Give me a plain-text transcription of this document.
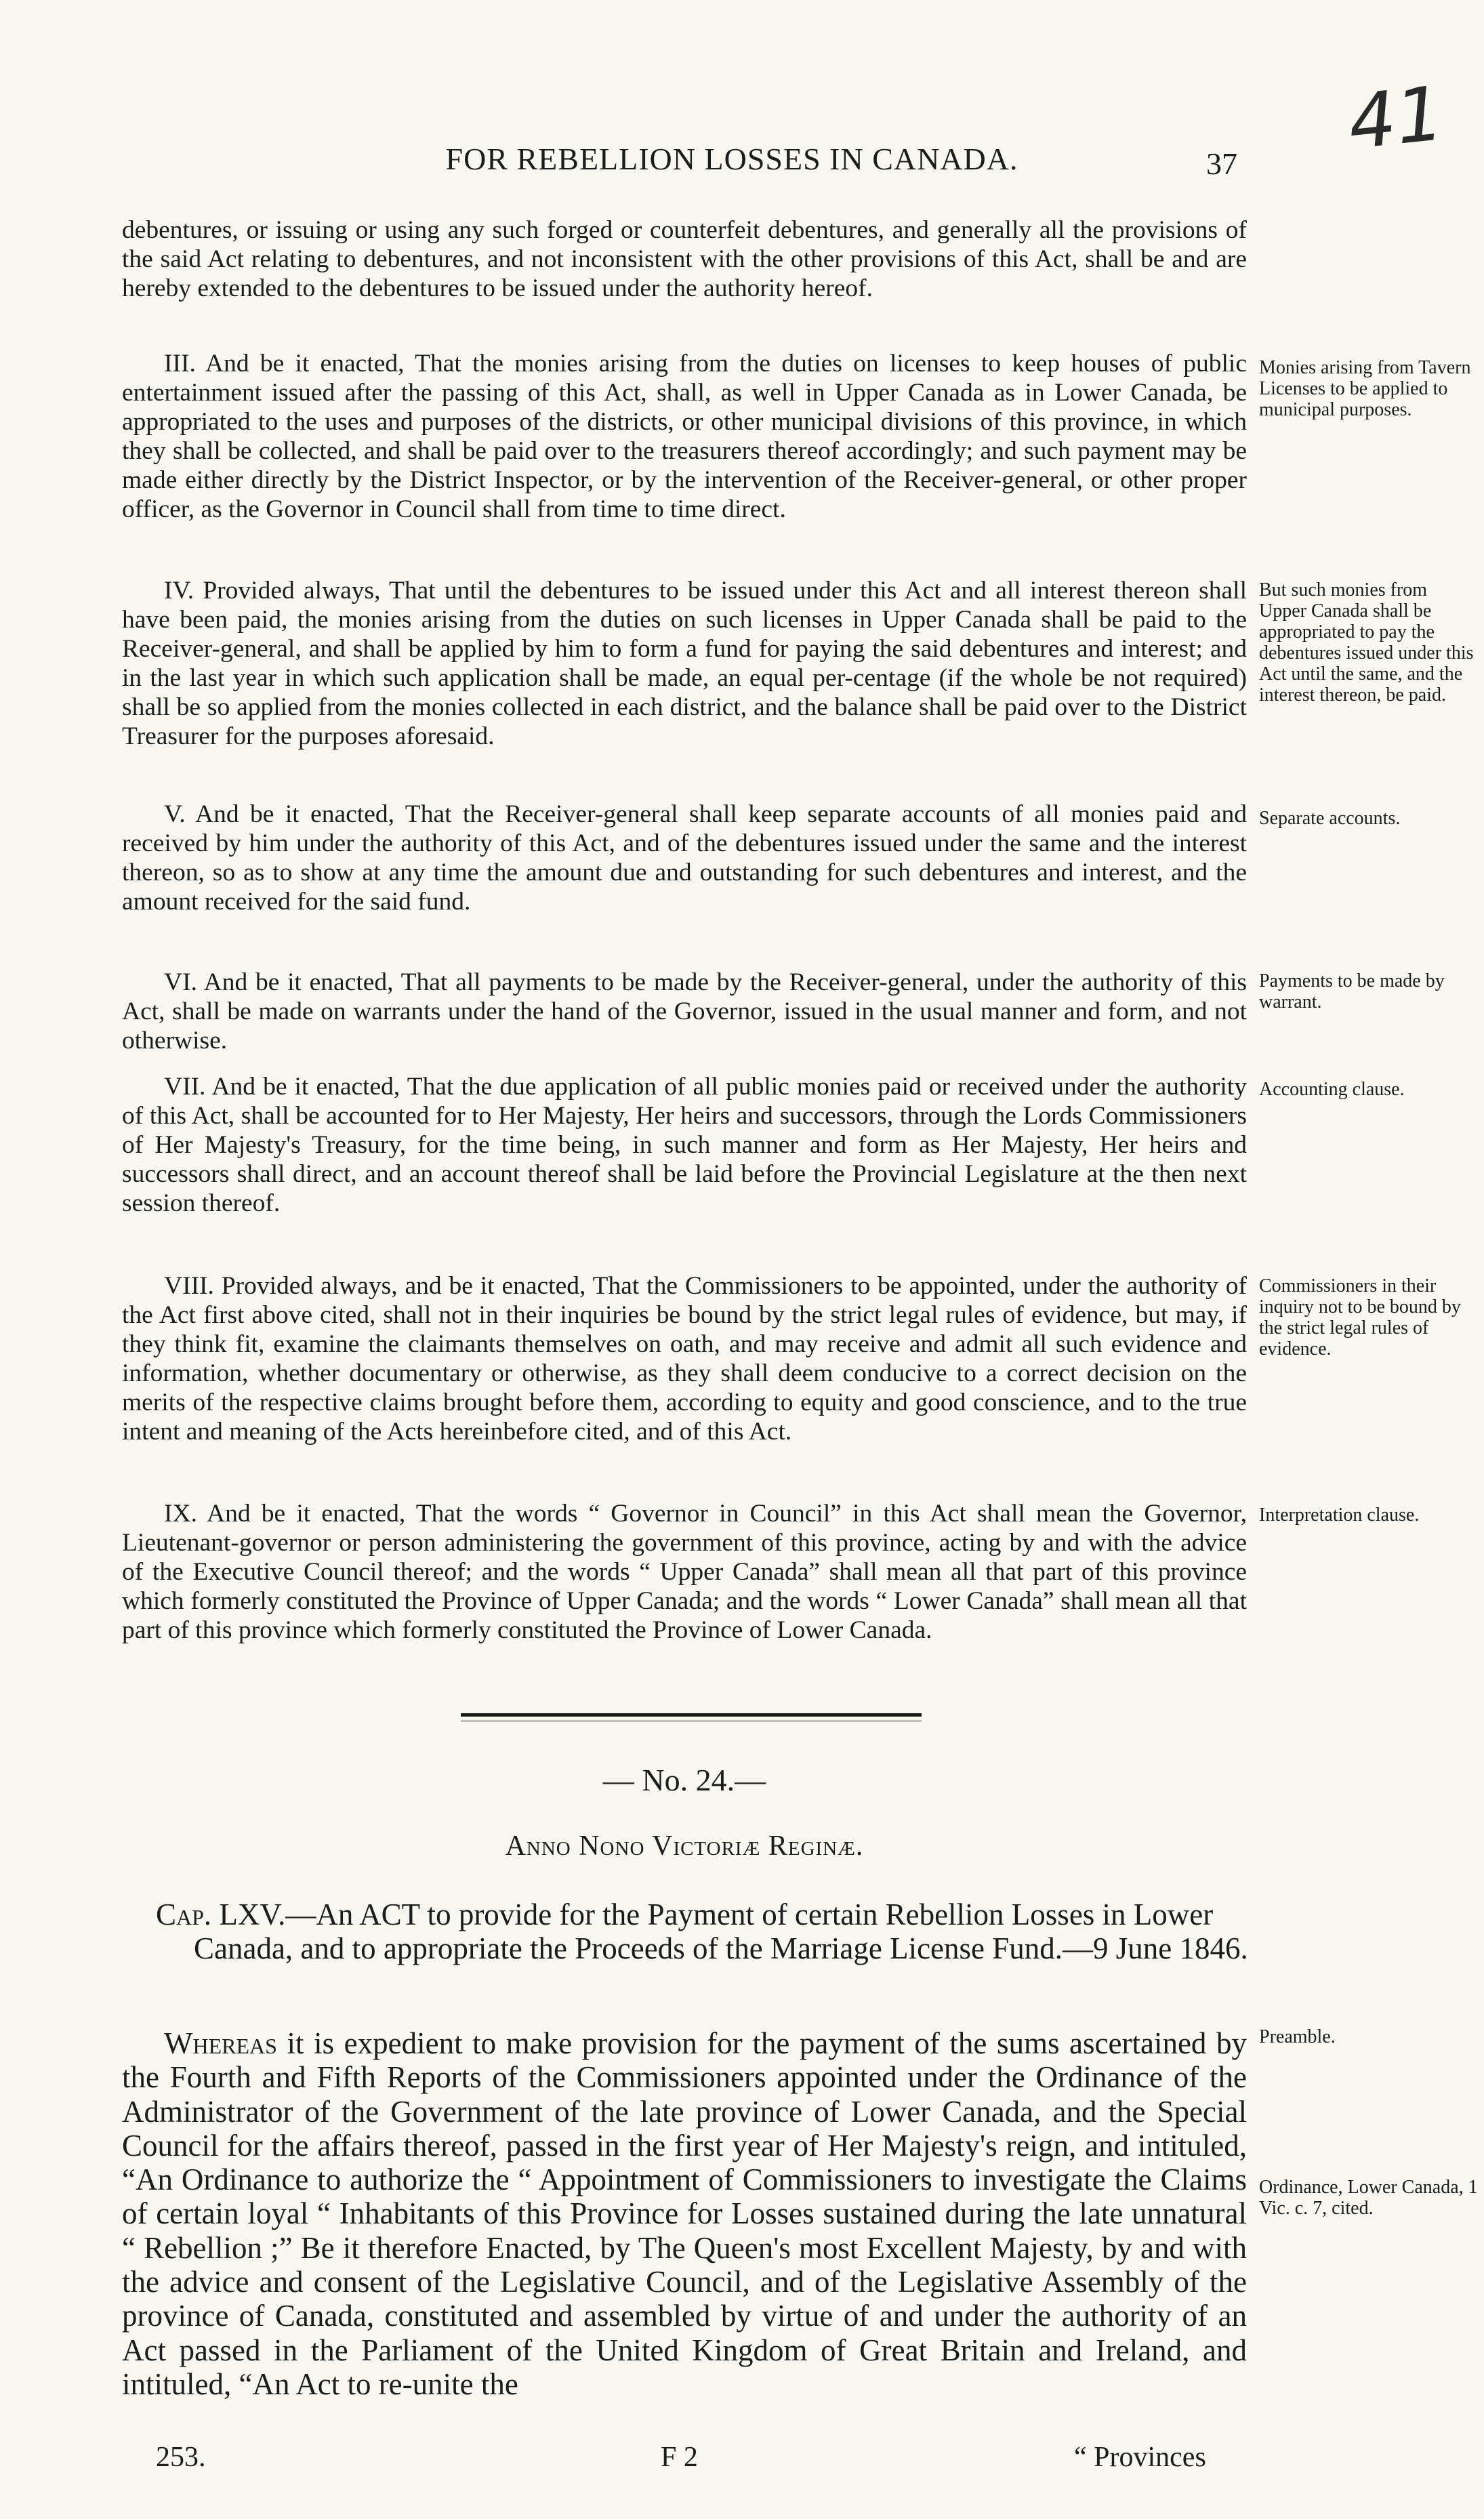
41
FOR REBELLION LOSSES IN CANADA.	37

debentures, or issuing or using any such forged or counterfeit debentures, and generally all the provisions of the said Act relating to debentures, and not inconsistent with the other provisions of this Act, shall be and are hereby extended to the debentures to be issued under the authority hereof.

III. And be it enacted, That the monies arising from the duties on licenses to keep houses of public entertainment issued after the passing of this Act, shall, as well in Upper Canada as in Lower Canada, be appropriated to the uses and purposes of the districts, or other municipal divisions of this province, in which they shall be collected, and shall be paid over to the treasurers thereof accordingly; and such payment may be made either directly by the District Inspector, or by the intervention of the Receiver-general, or other proper officer, as the Governor in Council shall from time to time direct.

IV. Provided always, That until the debentures to be issued under this Act and all interest thereon shall have been paid, the monies arising from the duties on such licenses in Upper Canada shall be paid to the Receiver-general, and shall be applied by him to form a fund for paying the said debentures and interest; and in the last year in which such application shall be made, an equal per-centage (if the whole be not required) shall be so applied from the monies collected in each district, and the balance shall be paid over to the District Treasurer for the purposes aforesaid.

V. And be it enacted, That the Receiver-general shall keep separate accounts of all monies paid and received by him under the authority of this Act, and of the debentures issued under the same and the interest thereon, so as to show at any time the amount due and outstanding for such debentures and interest, and the amount received for the said fund.

VI. And be it enacted, That all payments to be made by the Receiver-general, under the authority of this Act, shall be made on warrants under the hand of the Governor, issued in the usual manner and form, and not otherwise.

VII. And be it enacted, That the due application of all public monies paid or received under the authority of this Act, shall be accounted for to Her Majesty, Her heirs and successors, through the Lords Commissioners of Her Majesty's Treasury, for the time being, in such manner and form as Her Majesty, Her heirs and successors shall direct, and an account thereof shall be laid before the Provincial Legislature at the then next session thereof.

VIII. Provided always, and be it enacted, That the Commissioners to be appointed, under the authority of the Act first above cited, shall not in their inquiries be bound by the strict legal rules of evidence, but may, if they think fit, examine the claimants themselves on oath, and may receive and admit all such evidence and information, whether documentary or otherwise, as they shall deem conducive to a correct decision on the merits of the respective claims brought before them, according to equity and good conscience, and to the true intent and meaning of the Acts hereinbefore cited, and of this Act.

IX. And be it enacted, That the words “ Governor in Council” in this Act shall mean the Governor, Lieutenant-governor or person administering the government of this province, acting by and with the advice of the Executive Council thereof; and the words “ Upper Canada” shall mean all that part of this province which formerly constituted the Province of Upper Canada; and the words “ Lower Canada” shall mean all that part of this province which formerly constituted the Province of Lower Canada.

Monies arising from Tavern Licenses to be applied to municipal purposes.
But such monies from Upper Canada shall be appropriated to pay the debentures issued under this Act until the same, and the interest thereon, be paid.
Separate accounts.
Payments to be made by warrant.
Accounting clause.
Commissioners in their inquiry not to be bound by the strict legal rules of evidence.
Interpretation clause.
Preamble.
Ordinance, Lower Canada, 1 Vic. c. 7, cited.
— No. 24.—
Anno Nono Victoriæ Reginæ.
Cap. LXV.—An ACT to provide for the Payment of certain Rebellion Losses in Lower Canada, and to appropriate the Proceeds of the Marriage License Fund.—9 June 1846.

Whereas it is expedient to make provision for the payment of the sums ascertained by the Fourth and Fifth Reports of the Commissioners appointed under the Ordinance of the Administrator of the Government of the late province of Lower Canada, and the Special Council for the affairs thereof, passed in the first year of Her Majesty's reign, and intituled, “An Ordinance to authorize the “ Appointment of Commissioners to investigate the Claims of certain loyal “ Inhabitants of this Province for Losses sustained during the late unnatural “ Rebellion ;” Be it therefore Enacted, by The Queen's most Excellent Majesty, by and with the advice and consent of the Legislative Council, and of the Legislative Assembly of the province of Canada, constituted and assembled by virtue of and under the authority of an Act passed in the Parliament of the United Kingdom of Great Britain and Ireland, and intituled, “An Act to re-unite the

253.	F 2	“ Provinces
